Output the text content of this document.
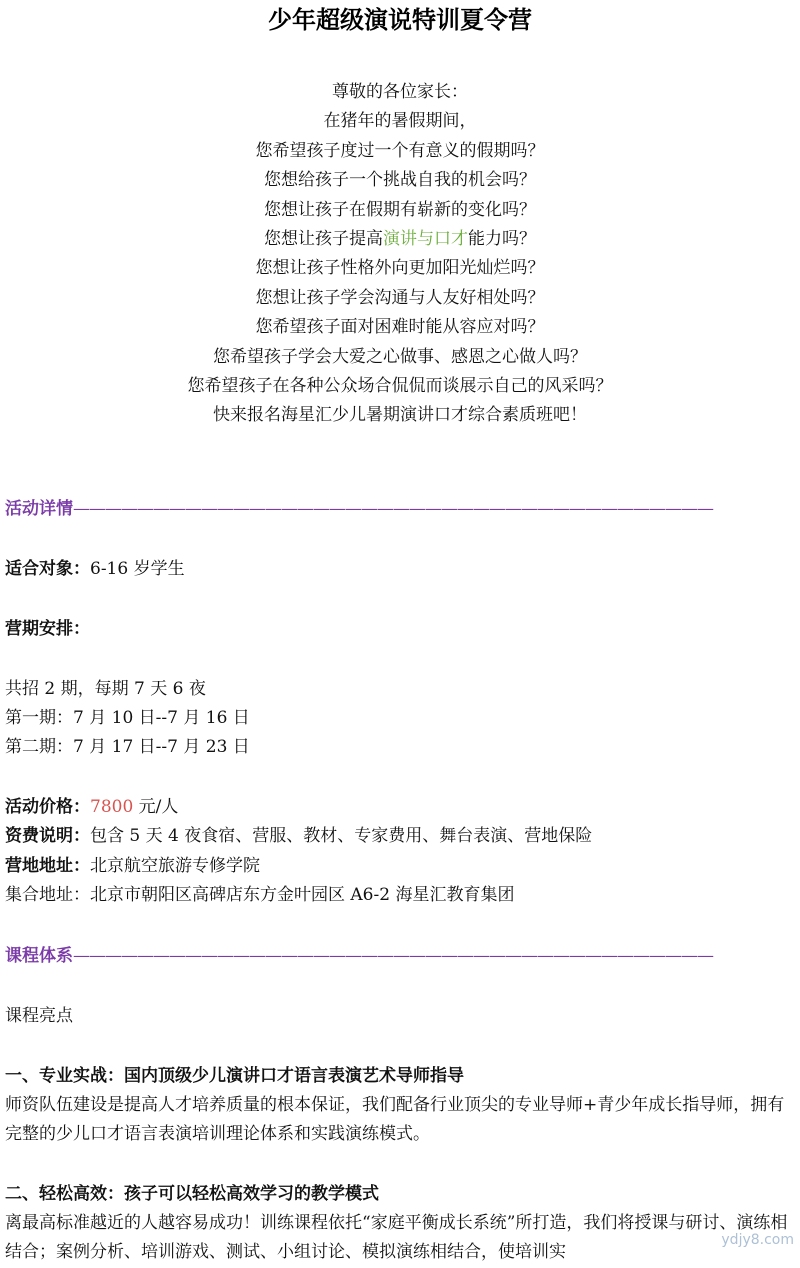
少年超级演说特训夏令营
尊敬的各位家长：
在猪年的暑假期间，
您希望孩子度过一个有意义的假期吗？
您想给孩子一个挑战自我的机会吗？
您想让孩子在假期有崭新的变化吗？
您想让孩子提高演讲与口才能力吗？
您想让孩子性格外向更加阳光灿烂吗？
您想让孩子学会沟通与人友好相处吗？
您希望孩子面对困难时能从容应对吗？
您希望孩子学会大爱之心做事、感恩之心做人吗？
您希望孩子在各种公众场合侃侃而谈展示自己的风采吗？
快来报名海星汇少儿暑期演讲口才综合素质班吧！
活动详情————————————————————————————————————————
适合对象：6-16 岁学生
营期安排：
共招 2 期，每期 7 天 6 夜
第一期：7 月 10 日--7 月 16 日
第二期：7 月 17 日--7 月 23 日
活动价格：7800 元/人
资费说明：包含 5 天 4 夜食宿、营服、教材、专家费用、舞台表演、营地保险
营地地址：北京航空旅游专修学院
集合地址：北京市朝阳区高碑店东方金叶园区 A6-2 海星汇教育集团
课程体系————————————————————————————————————————
课程亮点
一、专业实战：国内顶级少儿演讲口才语言表演艺术导师指导
师资队伍建设是提高人才培养质量的根本保证，我们配备行业顶尖的专业导师+青少年成长指导师，拥有完整的少儿口才语言表演培训理论体系和实践演练模式。
二、轻松高效：孩子可以轻松高效学习的教学模式
离最高标准越近的人越容易成功！训练课程依托“家庭平衡成长系统”所打造，我们将授课与研讨、演练相结合；案例分析、培训游戏、测试、小组讨论、模拟演练相结合，使培训实
ydjy8.com
